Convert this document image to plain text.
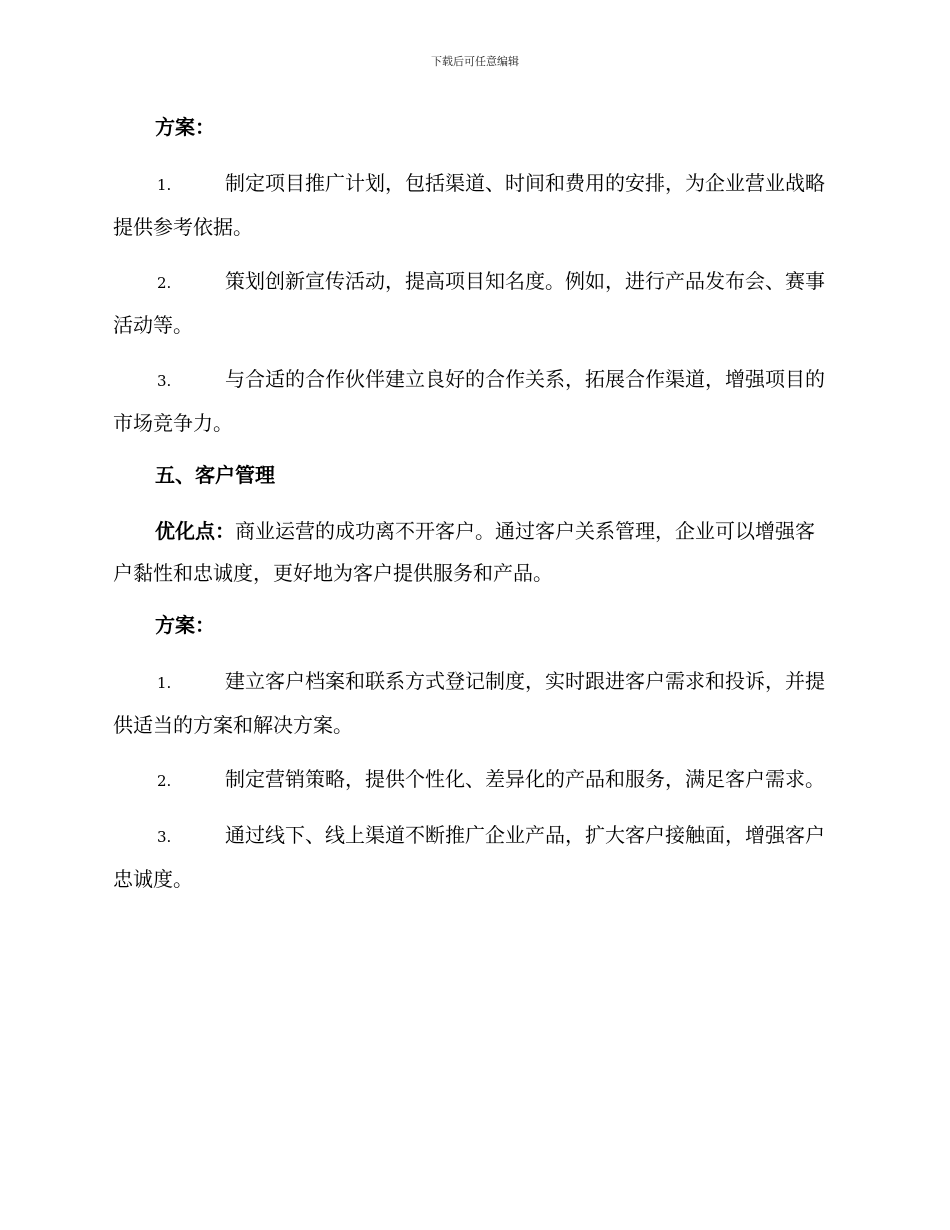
下载后可任意编辑
方案：
1.	制定项目推广计划，包括渠道、时间和费用的安排，为企业营业战略提供参考依据。
2.	策划创新宣传活动，提高项目知名度。例如，进行产品发布会、赛事活动等。
3.	与合适的合作伙伴建立良好的合作关系，拓展合作渠道，增强项目的市场竞争力。
五、客户管理
优化点：商业运营的成功离不开客户。通过客户关系管理，企业可以增强客户黏性和忠诚度，更好地为客户提供服务和产品。
方案：
1.	建立客户档案和联系方式登记制度，实时跟进客户需求和投诉，并提供适当的方案和解决方案。
2.	制定营销策略，提供个性化、差异化的产品和服务，满足客户需求。
3.	通过线下、线上渠道不断推广企业产品，扩大客户接触面，增强客户忠诚度。
